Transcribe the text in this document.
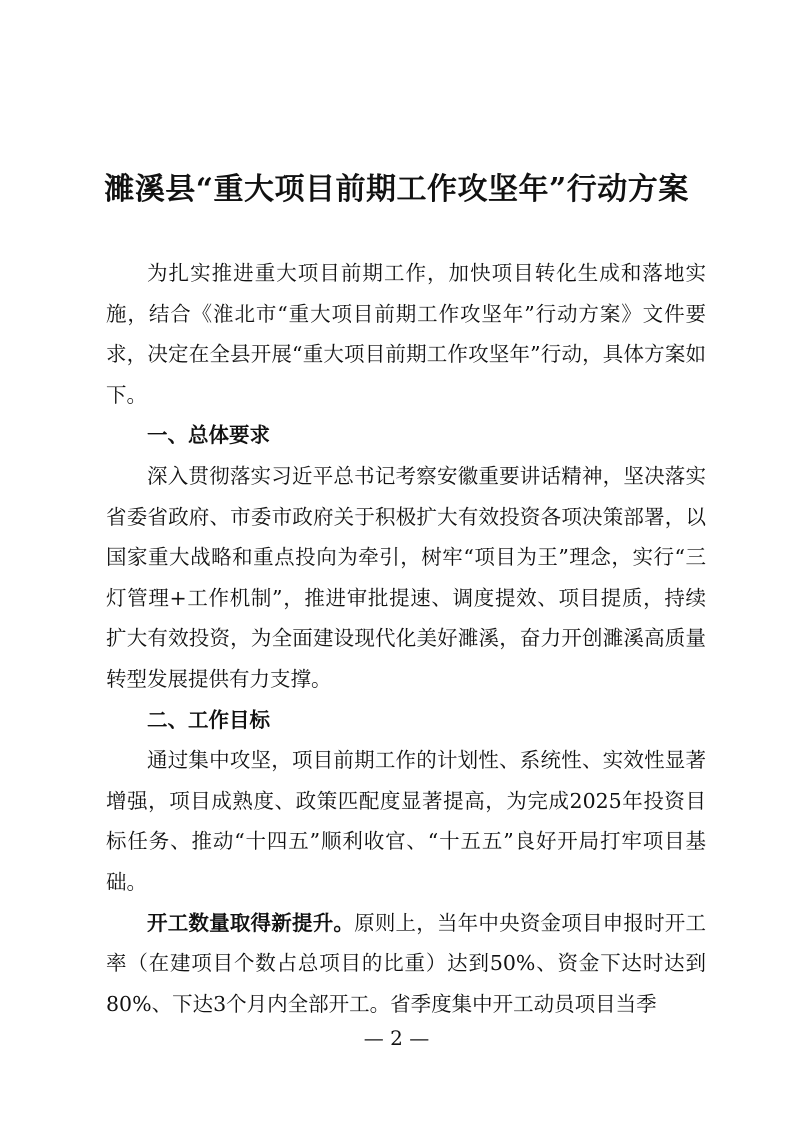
濉溪县“重大项目前期工作攻坚年”行动方案

为扎实推进重大项目前期工作，加快项目转化生成和落地实施，结合《淮北市“重大项目前期工作攻坚年”行动方案》文件要求，决定在全县开展“重大项目前期工作攻坚年”行动，具体方案如下。

一、总体要求

深入贯彻落实习近平总书记考察安徽重要讲话精神，坚决落实省委省政府、市委市政府关于积极扩大有效投资各项决策部署，以国家重大战略和重点投向为牵引，树牢“项目为王”理念，实行“三灯管理+工作机制”，推进审批提速、调度提效、项目提质，持续扩大有效投资，为全面建设现代化美好濉溪，奋力开创濉溪高质量转型发展提供有力支撑。

二、工作目标

通过集中攻坚，项目前期工作的计划性、系统性、实效性显著增强，项目成熟度、政策匹配度显著提高，为完成2025年投资目标任务、推动“十四五”顺利收官、“十五五”良好开局打牢项目基础。

开工数量取得新提升。原则上，当年中央资金项目申报时开工率（在建项目个数占总项目的比重）达到50%、资金下达时达到80%、下达3个月内全部开工。省季度集中开工动员项目当季

— 2 —
